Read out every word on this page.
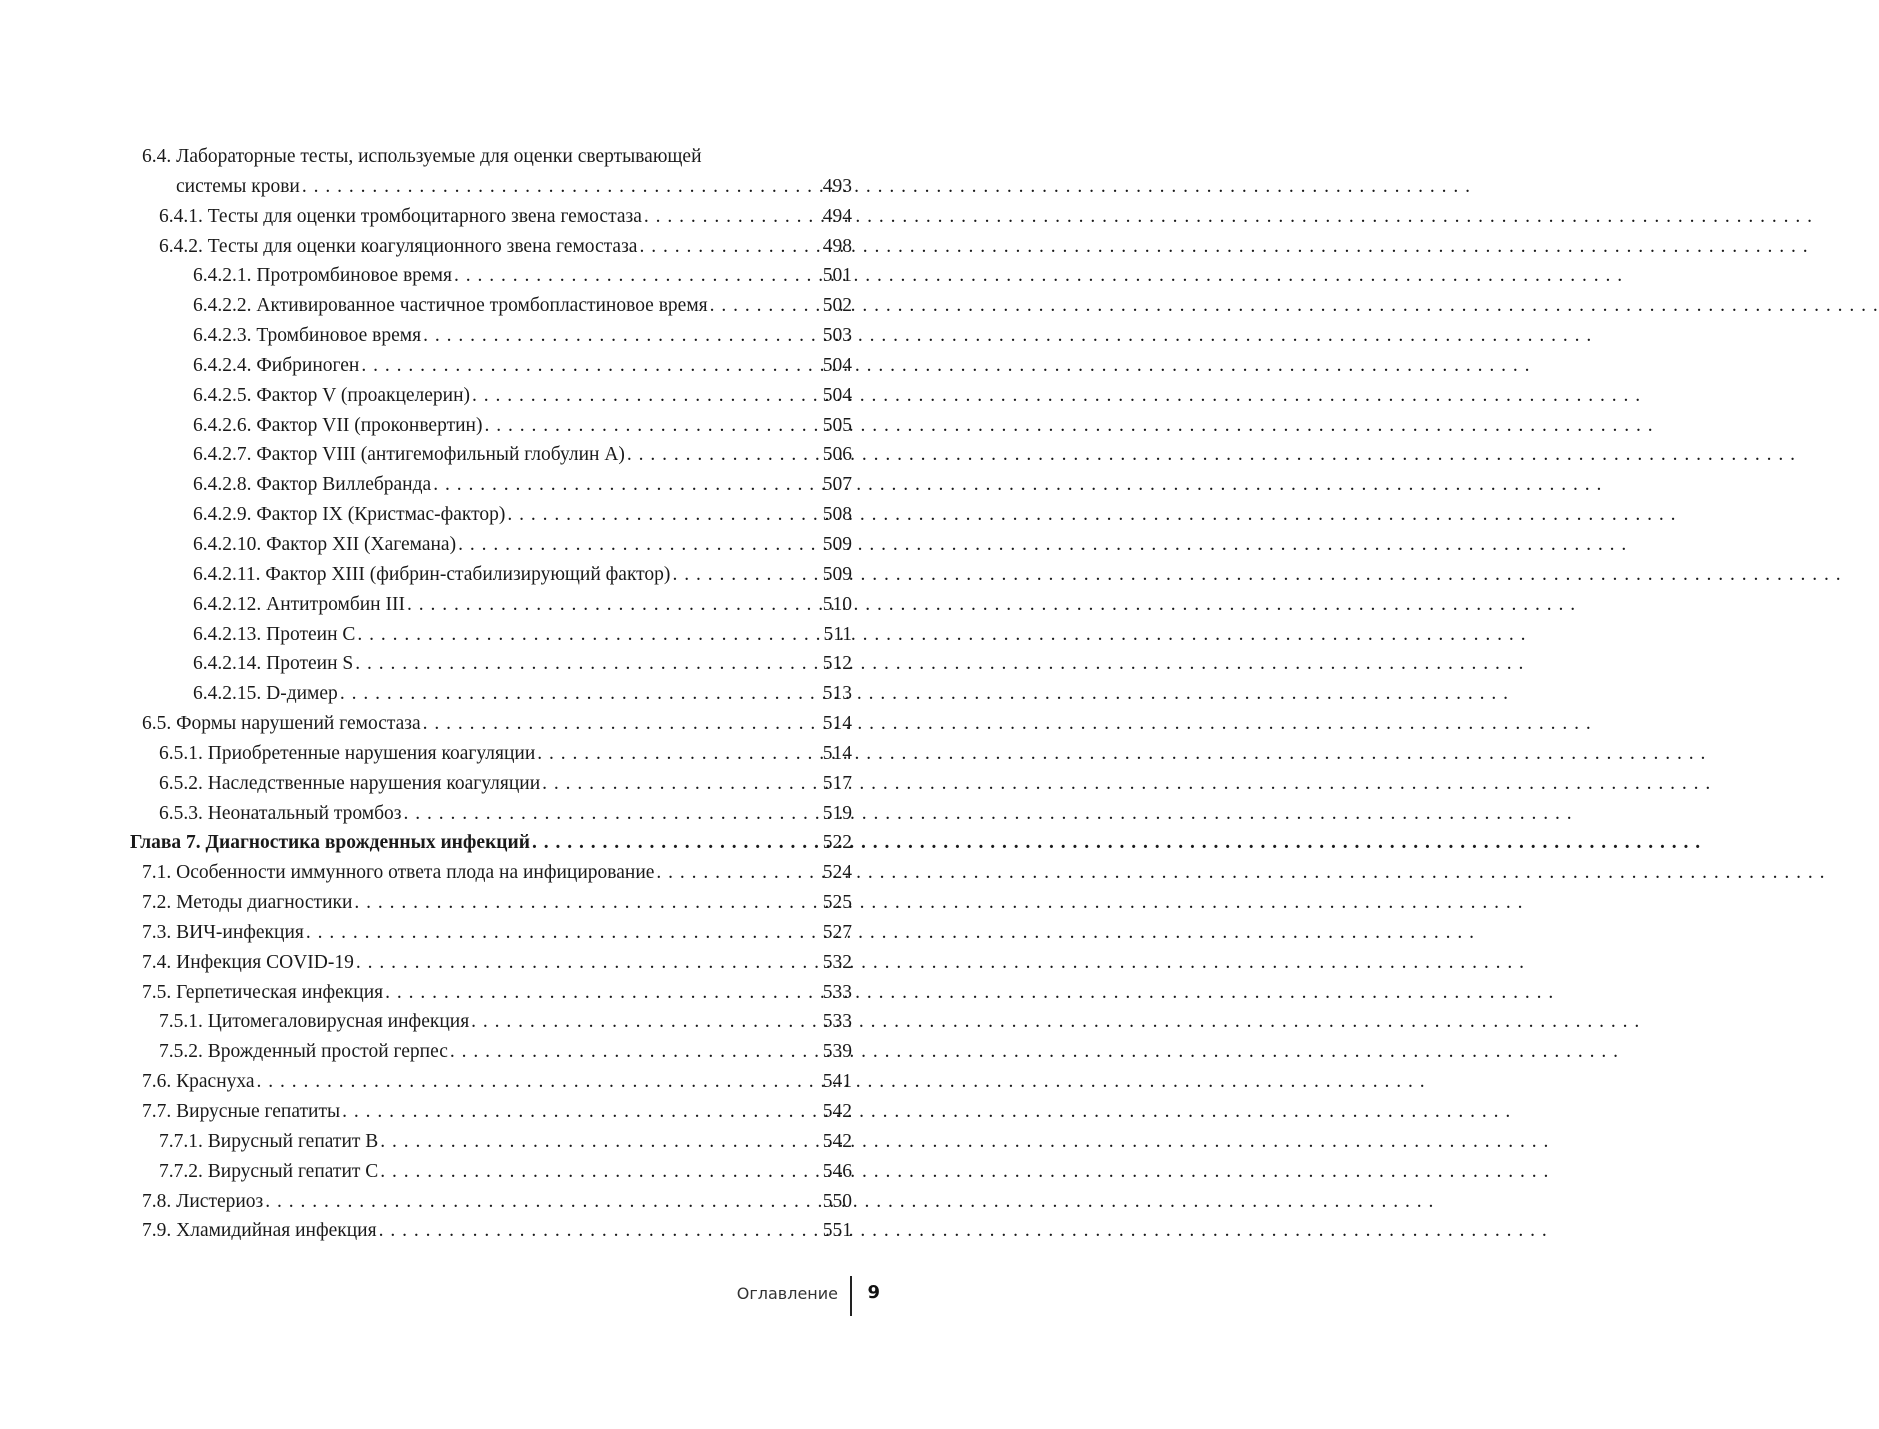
6.4. Лабораторные тесты, используемые для оценки свертывающей
системы крови . . .	493
6.4.1. Тесты для оценки тромбоцитарного звена гемостаза . . .	494
6.4.2. Тесты для оценки коагуляционного звена гемостаза . . .	498
6.4.2.1. Протромбиновое время . . .	501
6.4.2.2. Активированное частичное тромбопластиновое время . . .	502
6.4.2.3. Тромбиновое время . . .	503
6.4.2.4. Фибриноген . . .	504
6.4.2.5. Фактор V (проакцелерин) . . .	504
6.4.2.6. Фактор VII (проконвертин) . . .	505
6.4.2.7. Фактор VIII (антигемофильный глобулин А) . . .	506
6.4.2.8. Фактор Виллебранда . . .	507
6.4.2.9. Фактор IX (Кристмас-фактор) . . .	508
6.4.2.10. Фактор XII (Хагемана) . . .	509
6.4.2.11. Фактор XIII (фибрин-стабилизирующий фактор) . . .	509
6.4.2.12. Антитромбин III . . .	510
6.4.2.13. Протеин С . . .	511
6.4.2.14. Протеин S . . .	512
6.4.2.15. D-димер . . .	513
6.5. Формы нарушений гемостаза . . .	514
6.5.1. Приобретенные нарушения коагуляции . . .	514
6.5.2. Наследственные нарушения коагуляции . . .	517
6.5.3. Неонатальный тромбоз . . .	519
Глава 7. Диагностика врожденных инфекций . . .	522
7.1. Особенности иммунного ответа плода на инфицирование . . .	524
7.2. Методы диагностики . . .	525
7.3. ВИЧ-инфекция . . .	527
7.4. Инфекция COVID-19 . . .	532
7.5. Герпетическая инфекция . . .	533
7.5.1. Цитомегаловирусная инфекция . . .	533
7.5.2. Врожденный простой герпес . . .	539
7.6. Краснуха . . .	541
7.7. Вирусные гепатиты . . .	542
7.7.1. Вирусный гепатит В . . .	542
7.7.2. Вирусный гепатит С . . .	546
7.8. Листериоз . . .	550
7.9. Хламидийная инфекция . . .	551
Оглавление 9
